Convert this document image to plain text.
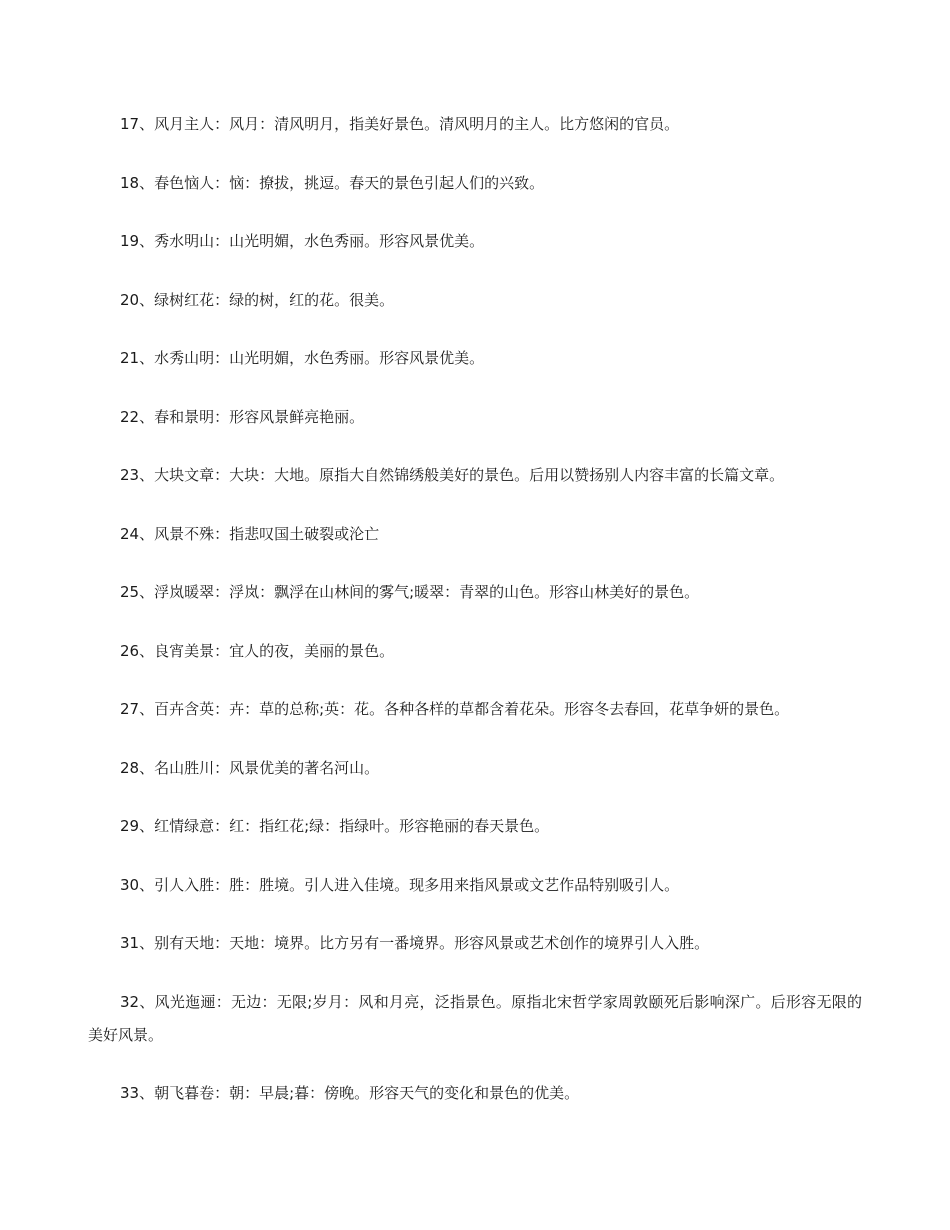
17、风月主人：风月：清风明月，指美好景色。清风明月的主人。比方悠闲的官员。
18、春色恼人：恼：撩拔，挑逗。春天的景色引起人们的兴致。
19、秀水明山：山光明媚，水色秀丽。形容风景优美。
20、绿树红花：绿的树，红的花。很美。
21、水秀山明：山光明媚，水色秀丽。形容风景优美。
22、春和景明：形容风景鲜亮艳丽。
23、大块文章：大块：大地。原指大自然锦绣般美好的景色。后用以赞扬别人内容丰富的长篇文章。
24、风景不殊：指悲叹国土破裂或沦亡
25、浮岚暖翠：浮岚：飘浮在山林间的雾气;暖翠：青翠的山色。形容山林美好的景色。
26、良宵美景：宜人的夜，美丽的景色。
27、百卉含英：卉：草的总称;英：花。各种各样的草都含着花朵。形容冬去春回，花草争妍的景色。
28、名山胜川：风景优美的著名河山。
29、红情绿意：红：指红花;绿：指绿叶。形容艳丽的春天景色。
30、引人入胜：胜：胜境。引人进入佳境。现多用来指风景或文艺作品特别吸引人。
31、别有天地：天地：境界。比方另有一番境界。形容风景或艺术创作的境界引人入胜。
32、风光迤逦：无边：无限;岁月：风和月亮，泛指景色。原指北宋哲学家周敦颐死后影响深广。后形容无限的美好风景。
33、朝飞暮卷：朝：早晨;暮：傍晚。形容天气的变化和景色的优美。
